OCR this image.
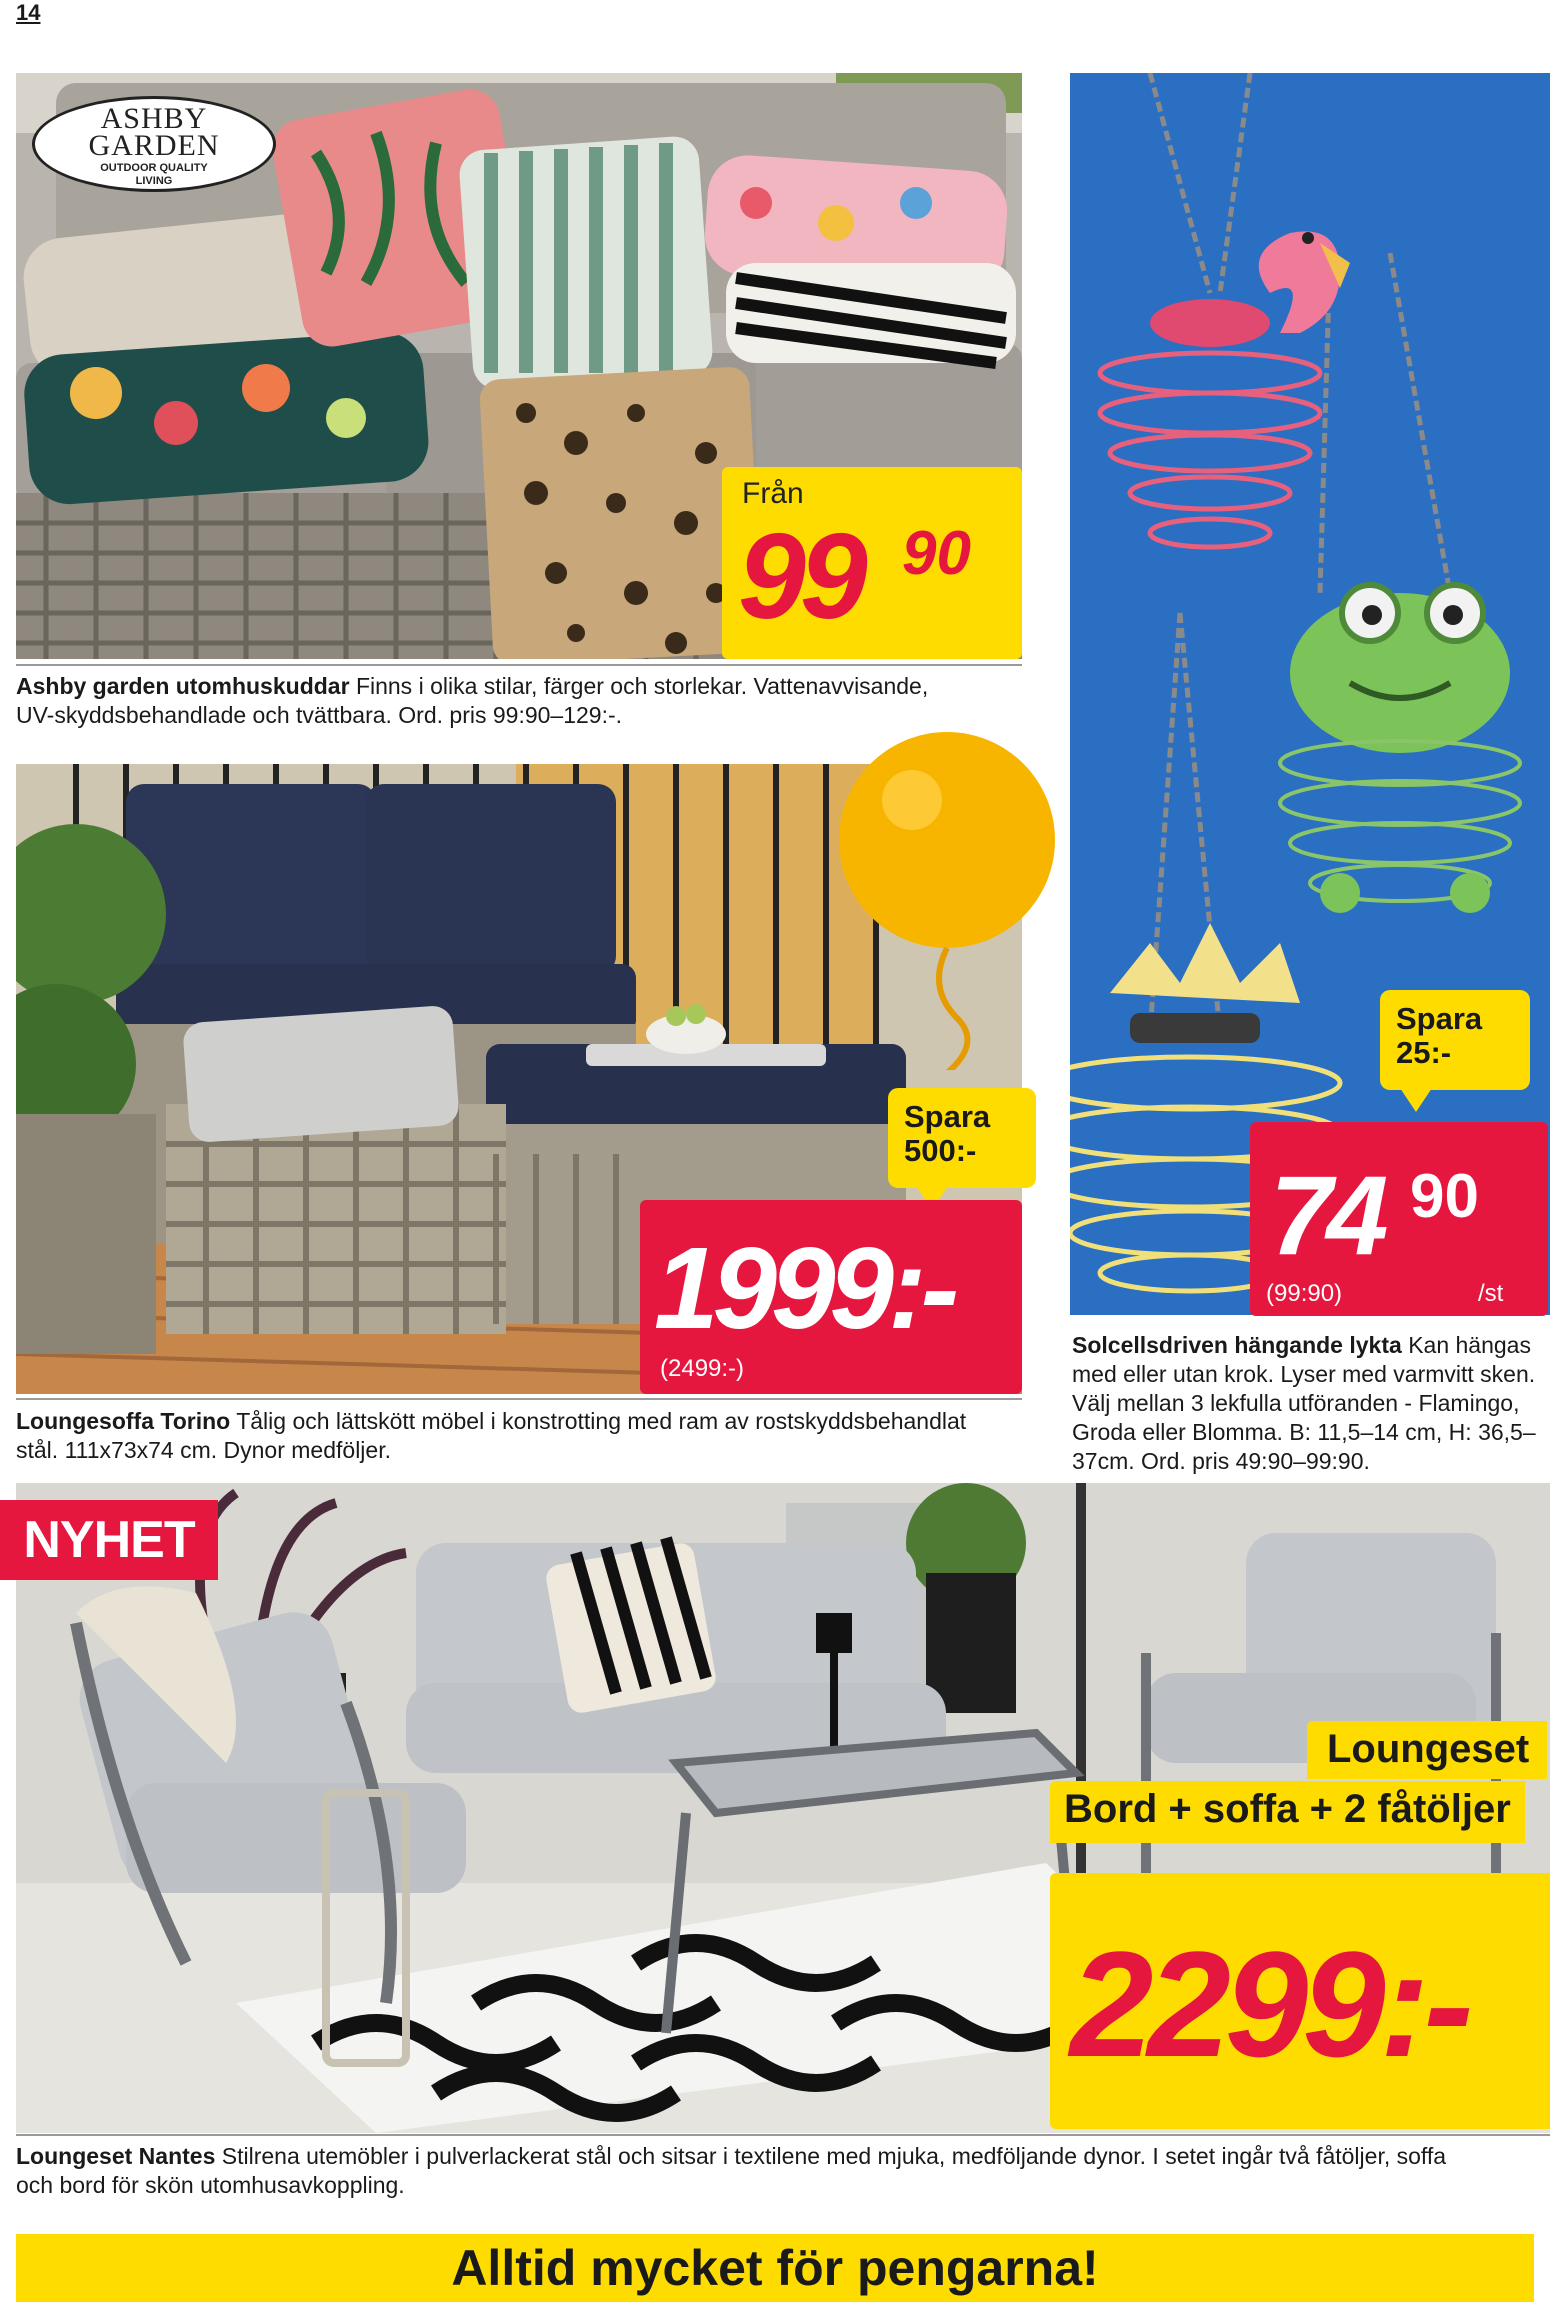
14
ASHBY
GARDEN
OUTDOOR QUALITY
LIVING
Från
99 90
Ashby garden utomhuskuddar Finns i olika stilar, färger och storlekar. Vattenavvisande,
UV-skyddsbehandlade och tvättbara. Ord. pris 99:90–129:-.
Spara
500:-
1999:-
(2499:-)
Loungesoffa Torino Tålig och lättskött möbel i konstrotting med ram av rostskyddsbehandlat
stål. 111x73x74 cm. Dynor medföljer.
Spara
25:-
74 90
(99:90)	/st
Solcellsdriven hängande lykta Kan hängas
med eller utan krok. Lyser med varmvitt sken.
Välj mellan 3 lekfulla utföranden - Flamingo,
Groda eller Blomma. B: 11,5–14 cm, H: 36,5–
37cm. Ord. pris 49:90–99:90.
NYHET
Loungeset
Bord + soffa + 2 fåtöljer
2299:-
Loungeset Nantes Stilrena utemöbler i pulverlackerat stål och sitsar i textilene med mjuka, medföljande dynor. I setet ingår två fåtöljer, soffa
och bord för skön utomhusavkoppling.
Alltid mycket för pengarna!
